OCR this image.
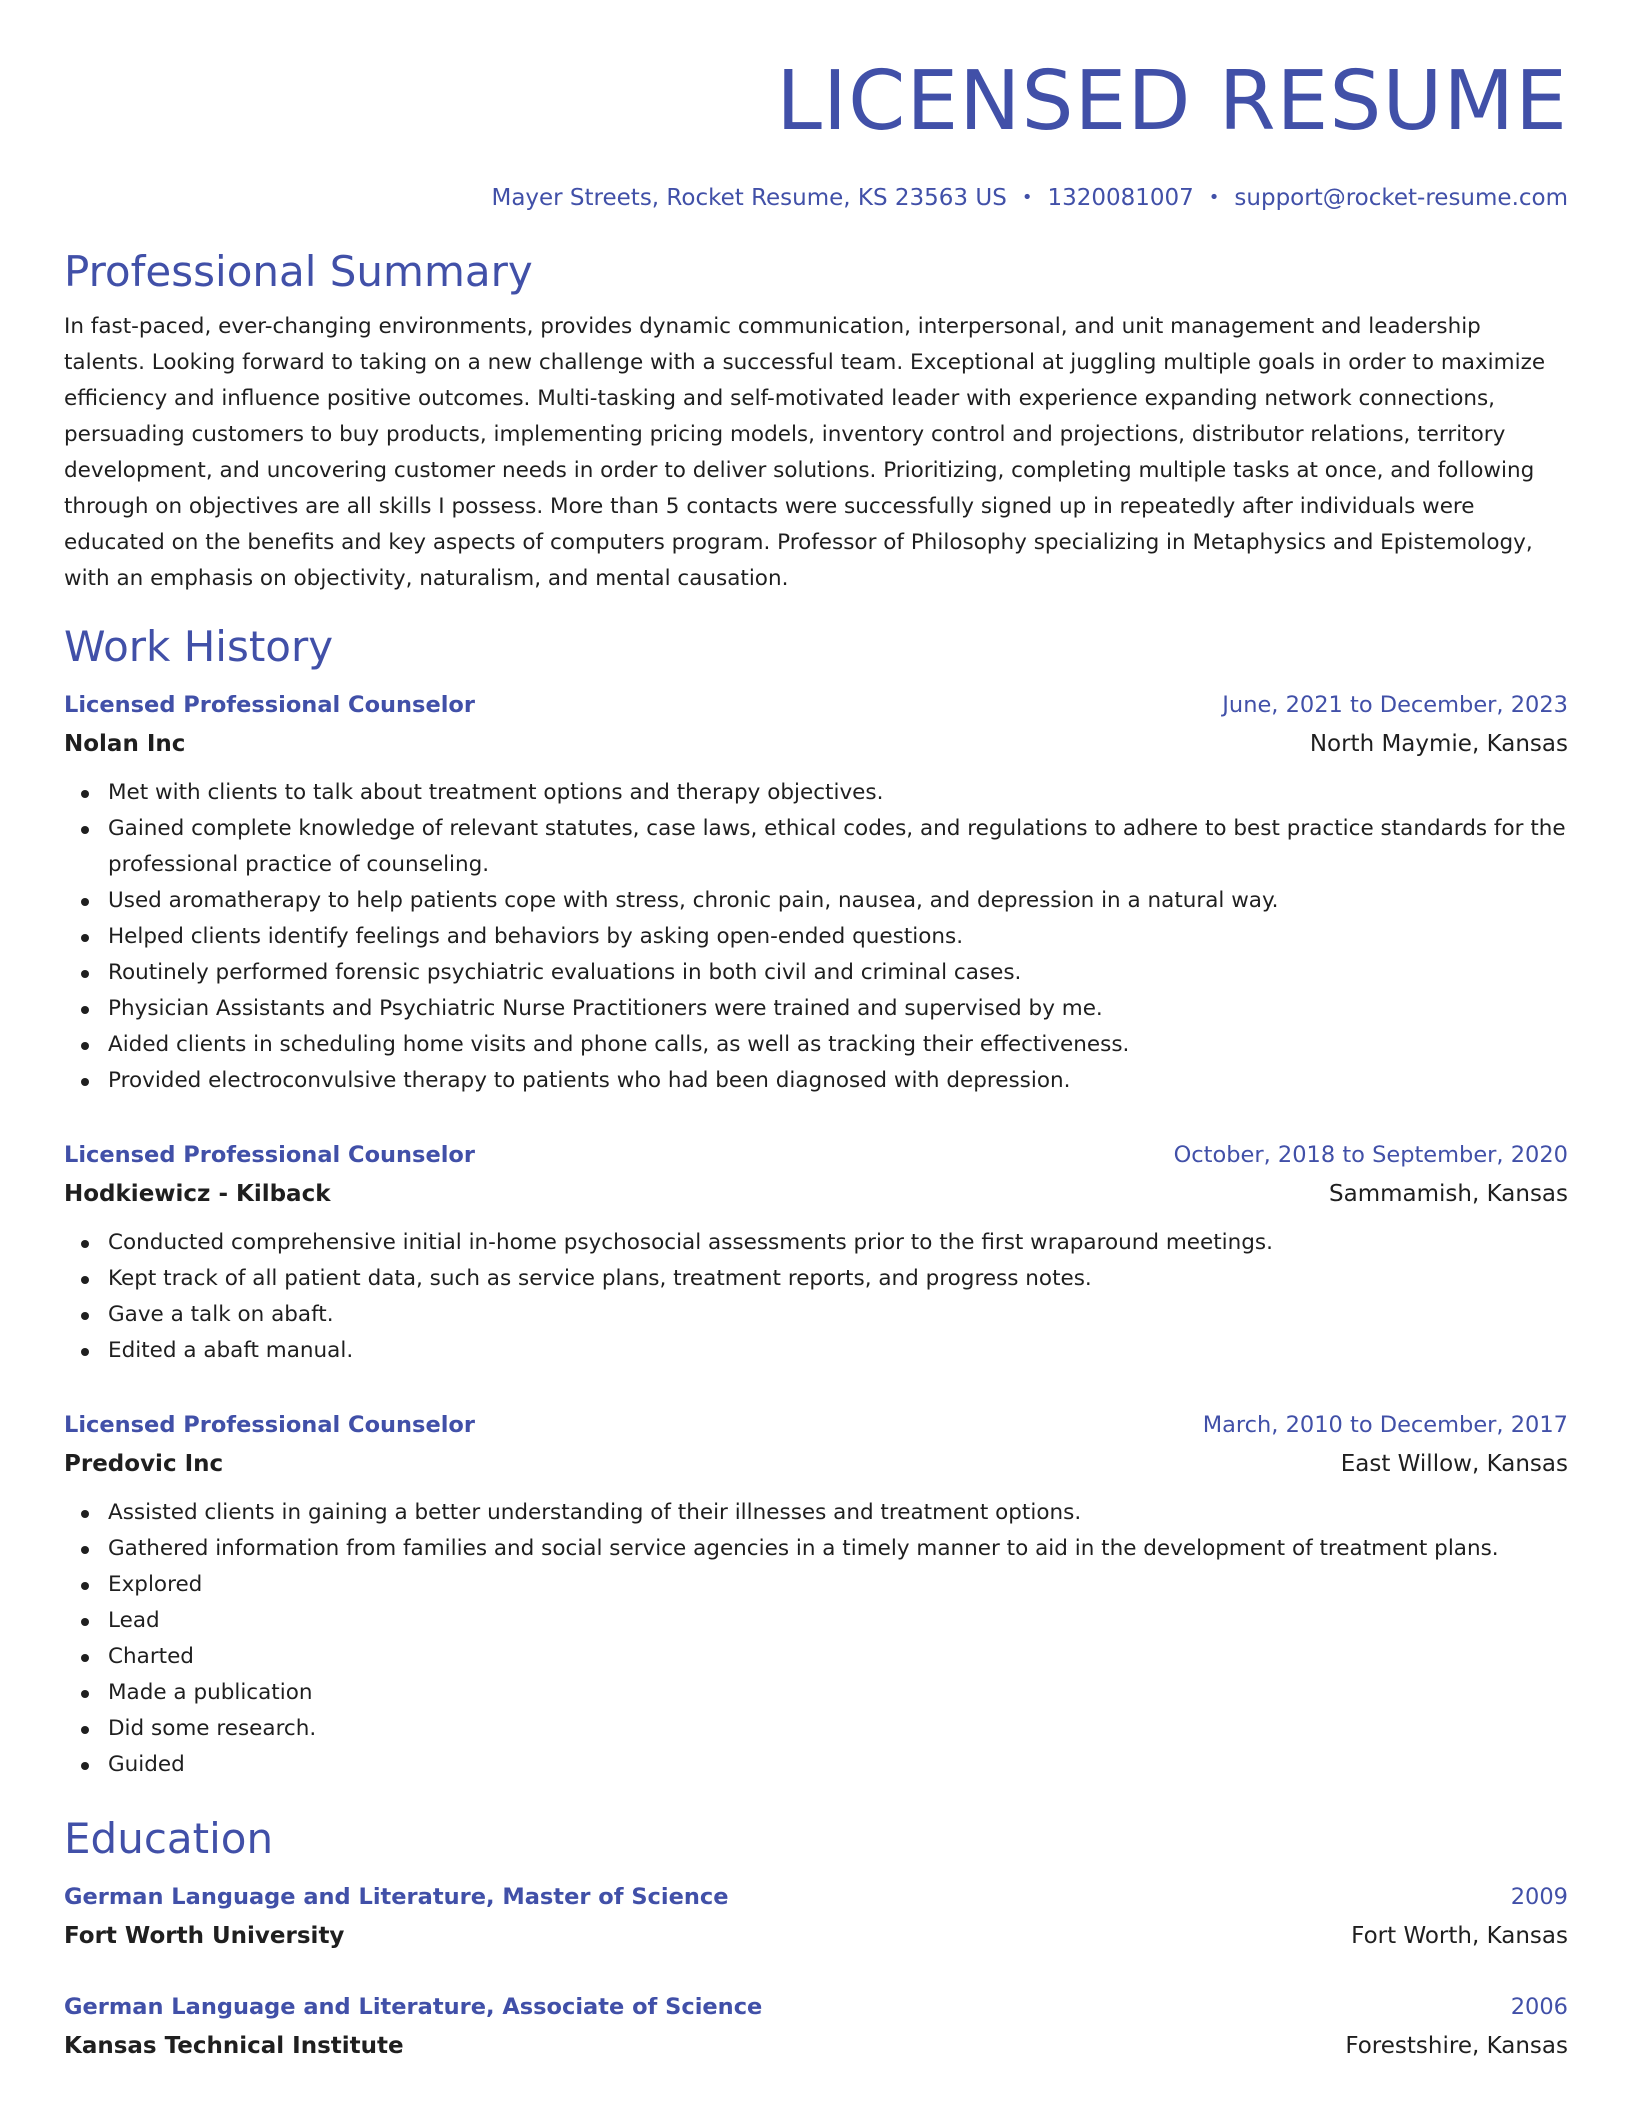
LICENSED RESUME
Mayer Streets, Rocket Resume, KS 23563 US • 1320081007 • support@rocket-resume.com
Professional Summary
In fast-paced, ever-changing environments, provides dynamic communication, interpersonal, and unit management and leadership talents. Looking forward to taking on a new challenge with a successful team. Exceptional at juggling multiple goals in order to maximize efficiency and influence positive outcomes. Multi-tasking and self-motivated leader with experience expanding network connections, persuading customers to buy products, implementing pricing models, inventory control and projections, distributor relations, territory development, and uncovering customer needs in order to deliver solutions. Prioritizing, completing multiple tasks at once, and following through on objectives are all skills I possess. More than 5 contacts were successfully signed up in repeatedly after individuals were educated on the benefits and key aspects of computers program. Professor of Philosophy specializing in Metaphysics and Epistemology, with an emphasis on objectivity, naturalism, and mental causation.
Work History
Licensed Professional Counselor	June, 2021 to December, 2023
Nolan Inc	North Maymie, Kansas
Met with clients to talk about treatment options and therapy objectives.
Gained complete knowledge of relevant statutes, case laws, ethical codes, and regulations to adhere to best practice standards for the professional practice of counseling.
Used aromatherapy to help patients cope with stress, chronic pain, nausea, and depression in a natural way.
Helped clients identify feelings and behaviors by asking open-ended questions.
Routinely performed forensic psychiatric evaluations in both civil and criminal cases.
Physician Assistants and Psychiatric Nurse Practitioners were trained and supervised by me.
Aided clients in scheduling home visits and phone calls, as well as tracking their effectiveness.
Provided electroconvulsive therapy to patients who had been diagnosed with depression.
Licensed Professional Counselor	October, 2018 to September, 2020
Hodkiewicz - Kilback	Sammamish, Kansas
Conducted comprehensive initial in-home psychosocial assessments prior to the first wraparound meetings.
Kept track of all patient data, such as service plans, treatment reports, and progress notes.
Gave a talk on abaft.
Edited a abaft manual.
Licensed Professional Counselor	March, 2010 to December, 2017
Predovic Inc	East Willow, Kansas
Assisted clients in gaining a better understanding of their illnesses and treatment options.
Gathered information from families and social service agencies in a timely manner to aid in the development of treatment plans.
Explored
Lead
Charted
Made a publication
Did some research.
Guided
Education
German Language and Literature, Master of Science	2009
Fort Worth University	Fort Worth, Kansas
German Language and Literature, Associate of Science	2006
Kansas Technical Institute	Forestshire, Kansas
